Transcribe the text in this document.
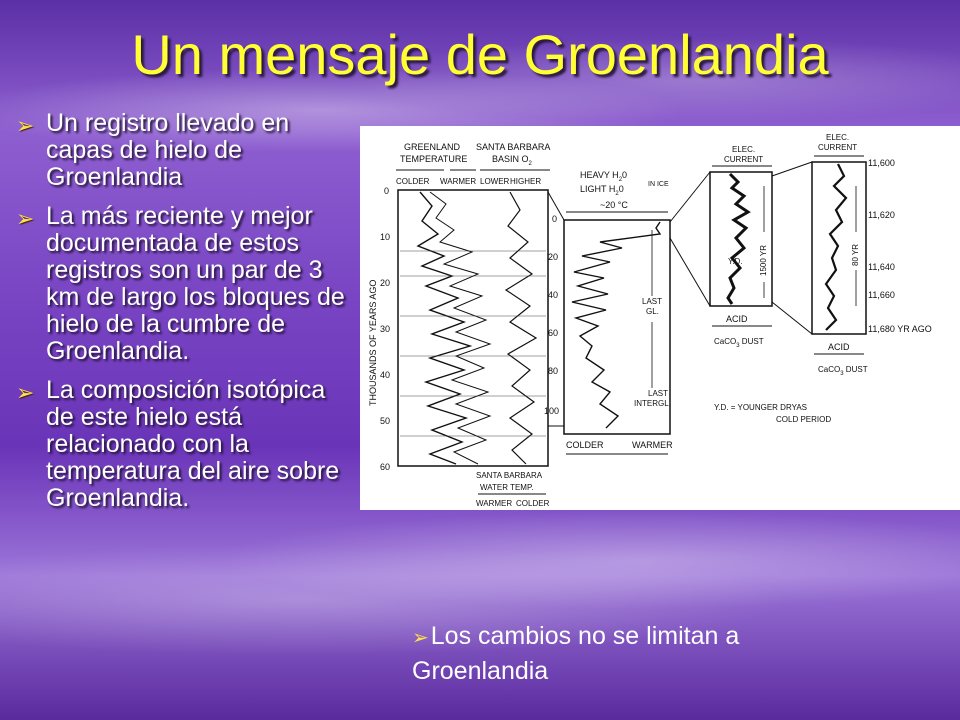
Un mensaje de Groenlandia
➢ Un registro llevado en capas de hielo de Groenlandia
➢ La más reciente y mejor documentada de estos registros son un par de 3 km de largo los bloques de hielo de la cumbre de Groenlandia.
➢ La composición isotópica de este hielo está relacionado con la temperatura del aire sobre Groenlandia.
THOUSANDS OF YEARS AGO
GREENLAND
TEMPERATURE
SANTA BARBARA
BASIN $O_2$
COLDER WARMER LOWER HIGHER
0
10
20
30
40
50
60
SANTA BARBARA
WATER TEMP.
WARMER COLDER
HEAVY $H_20$
LIGHT $H_20$	IN ICE
~20 °C
0
20
40
60
80
100
LAST
GL.
LAST
INTERGL.
COLDER	WARMER
ELEC.
CURRENT
Y.D. 1500 YR
ACID
CaCO$_3$ DUST
ELEC.
CURRENT
80 YR
11,600
11,620
11,640
11,660
11,680 YR AGO
ACID
CaCO$_3$ DUST
Y.D. = YOUNGER DRYAS
COLD PERIOD
➢Los cambios no se limitan a Groenlandia
